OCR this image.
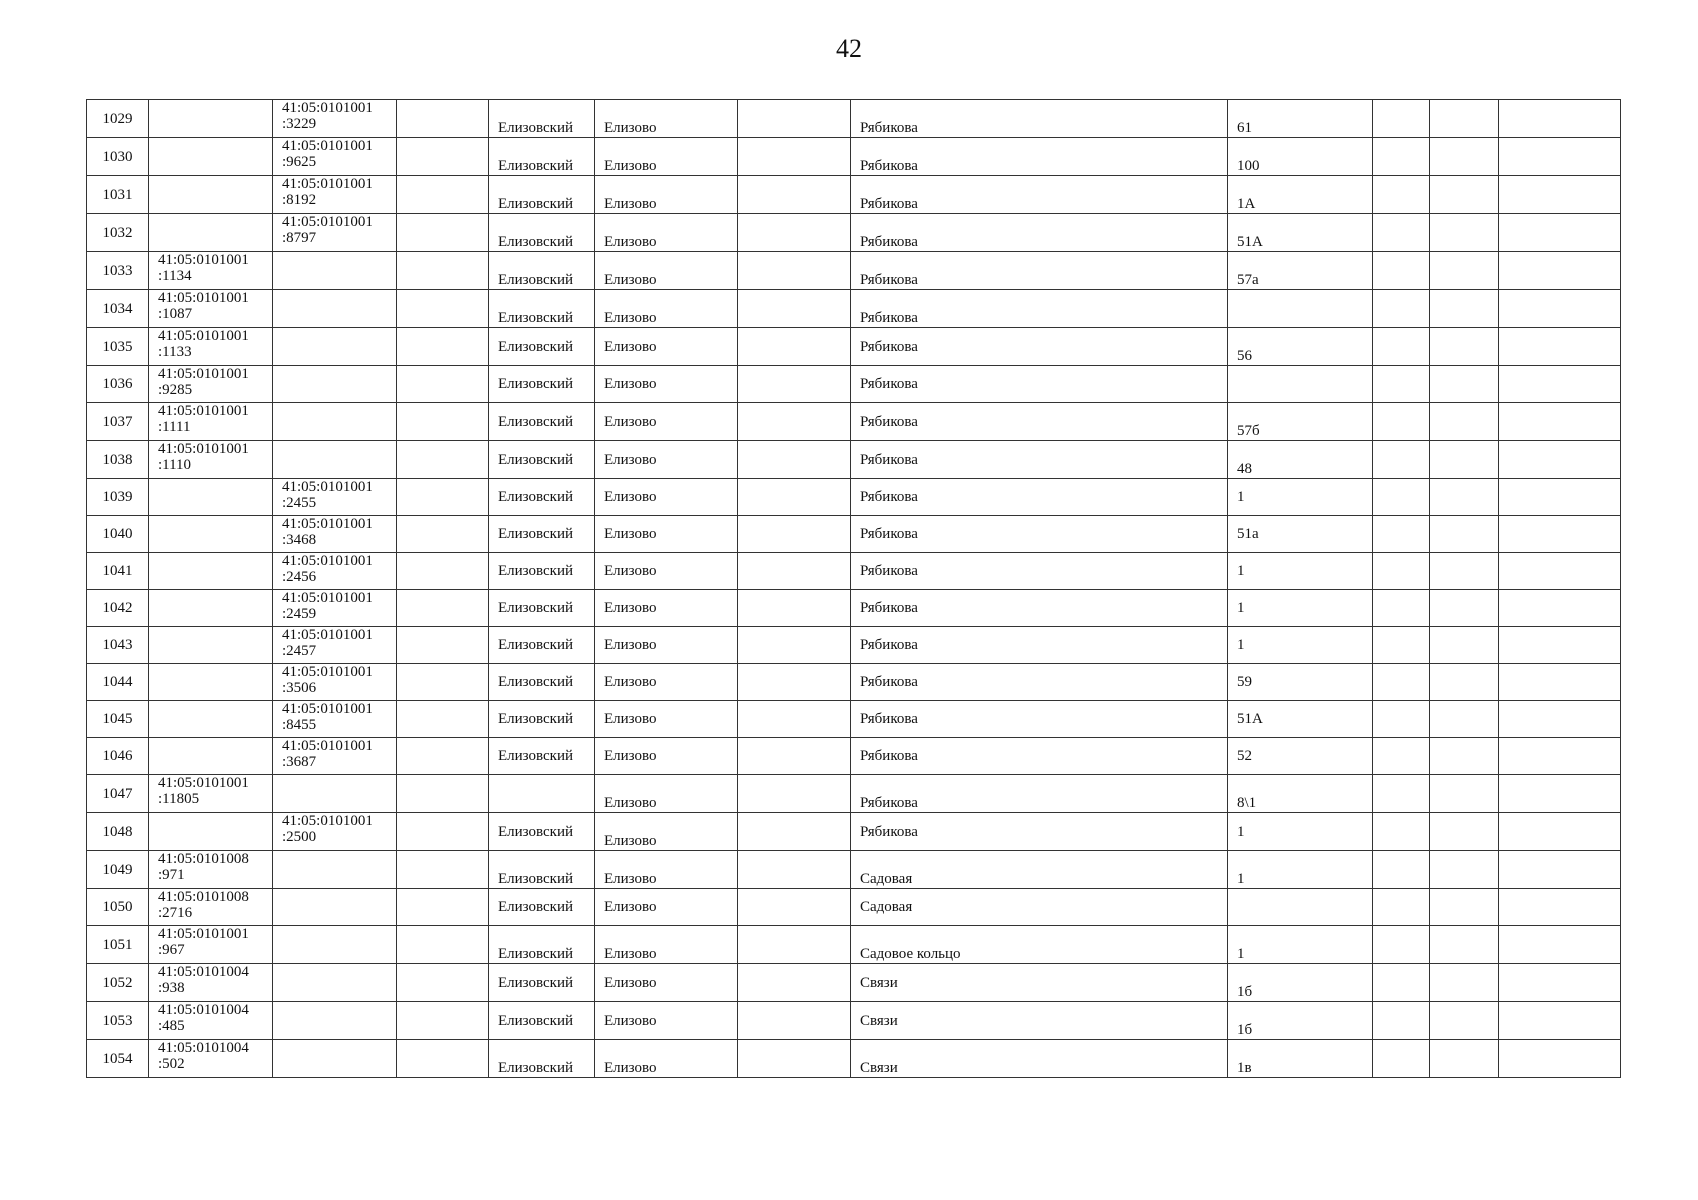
42
1029		41:05:0101001
:3229		Елизовский	Елизово		Рябикова	61			

1030		41:05:0101001
:9625		Елизовский	Елизово		Рябикова	100			

1031		41:05:0101001
:8192		Елизовский	Елизово		Рябикова	1А			

1032		41:05:0101001
:8797		Елизовский	Елизово		Рябикова	51А			

1033	41:05:0101001
:1134			Елизовский	Елизово		Рябикова	57а			

1034	41:05:0101001
:1087			Елизовский	Елизово		Рябикова				

1035	41:05:0101001
:1133			Елизовский	Елизово		Рябикова	56			

1036	41:05:0101001
:9285			Елизовский	Елизово		Рябикова				

1037	41:05:0101001
:1111			Елизовский	Елизово		Рябикова	57б			

1038	41:05:0101001
:1110			Елизовский	Елизово		Рябикова	48			

1039		41:05:0101001
:2455		Елизовский	Елизово		Рябикова	1			

1040		41:05:0101001
:3468		Елизовский	Елизово		Рябикова	51а			

1041		41:05:0101001
:2456		Елизовский	Елизово		Рябикова	1			

1042		41:05:0101001
:2459		Елизовский	Елизово		Рябикова	1			

1043		41:05:0101001
:2457		Елизовский	Елизово		Рябикова	1			

1044		41:05:0101001
:3506		Елизовский	Елизово		Рябикова	59			

1045		41:05:0101001
:8455		Елизовский	Елизово		Рябикова	51А			

1046		41:05:0101001
:3687		Елизовский	Елизово		Рябикова	52			

1047	41:05:0101001
:11805				Елизово		Рябикова	8\1			

1048		41:05:0101001
:2500		Елизовский	Елизово		Рябикова	1			

1049	41:05:0101008
:971			Елизовский	Елизово		Садовая	1			

1050	41:05:0101008
:2716			Елизовский	Елизово		Садовая				

1051	41:05:0101001
:967			Елизовский	Елизово		Садовое кольцо	1			

1052	41:05:0101004
:938			Елизовский	Елизово		Связи	1б			

1053	41:05:0101004
:485			Елизовский	Елизово		Связи	1б			

1054	41:05:0101004
:502			Елизовский	Елизово		Связи	1в			
